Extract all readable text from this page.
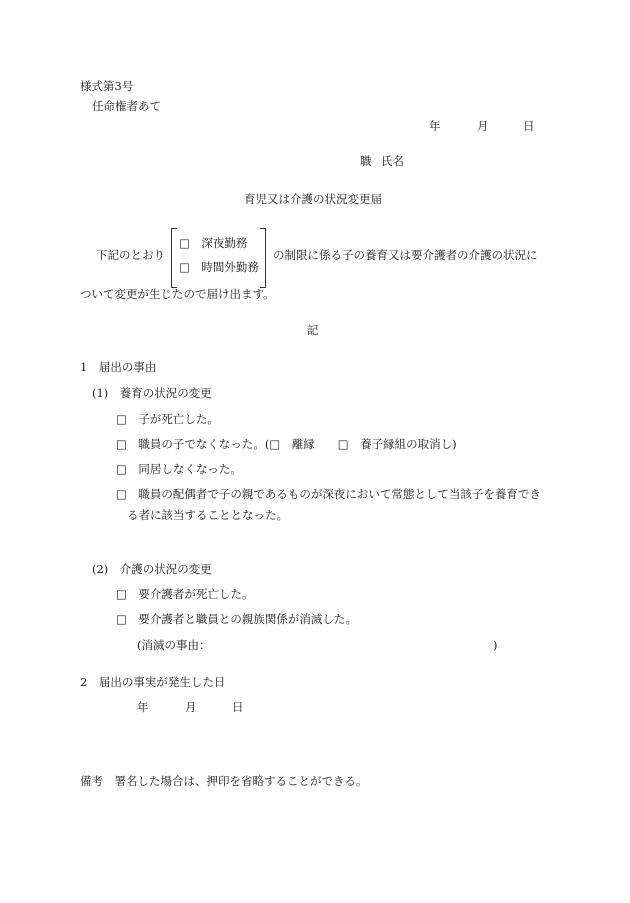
様式第3号
任命権者あて
年	月	日
職 氏名
育児又は介護の状況変更届
下記のとおり
□　深夜勤務
□　時間外勤務
の制限に係る子の養育又は要介護者の介護の状況に
ついて変更が生じたので届け出ます。
記
1　届出の事由
(1)　養育の状況の変更
□　子が死亡した。
□　職員の子でなくなった。(□　離縁　　□　養子縁組の取消し)
□　同居しなくなった。
□　職員の配偶者で子の親であるものが深夜において常態として当該子を養育でき
る者に該当することとなった。
(2)　介護の状況の変更
□　要介護者が死亡した。
□　要介護者と職員との親族関係が消滅した。
(消滅の事由：	)
2　届出の事実が発生した日
年	月	日
備考　署名した場合は、押印を省略することができる。
